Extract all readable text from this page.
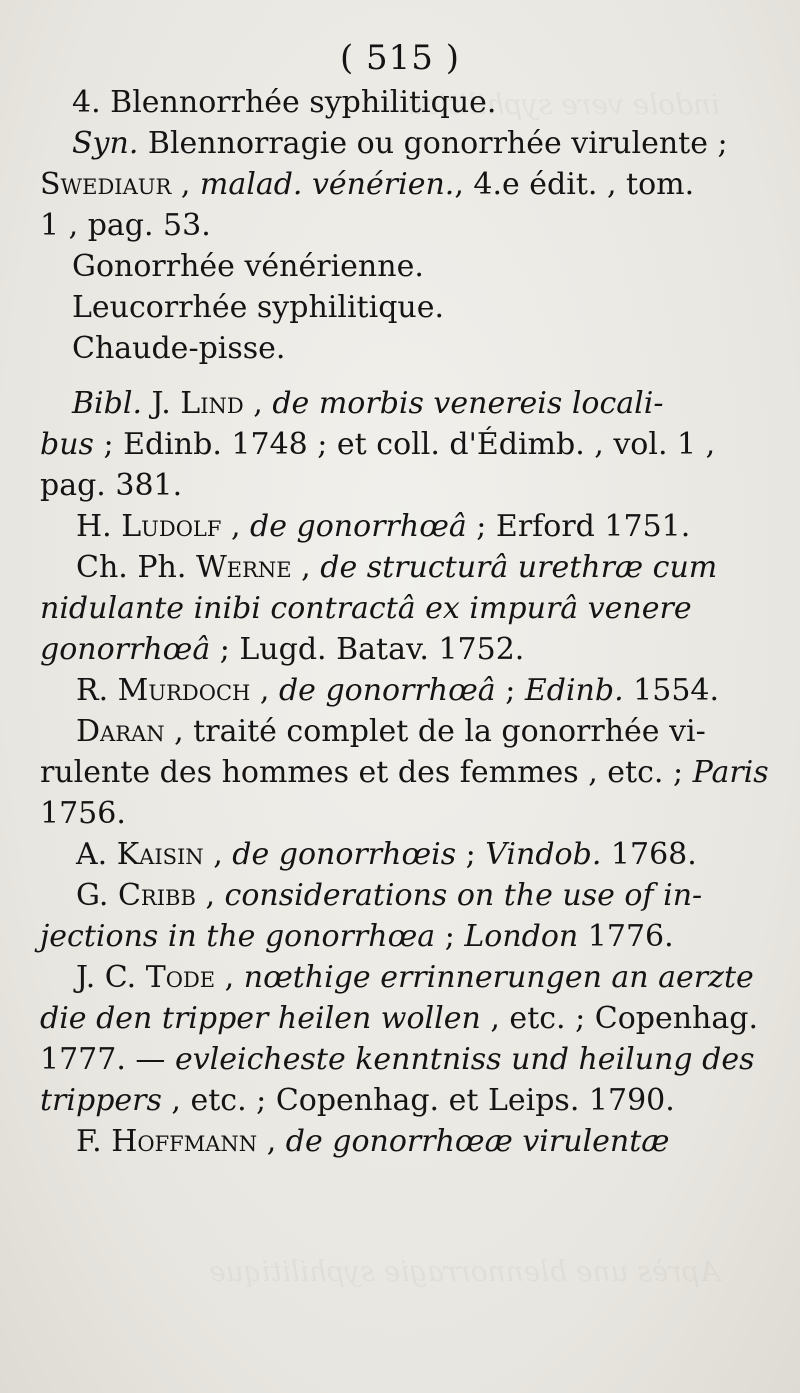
indole vere syphilitica
Après une blennorragie syphilitique
( 515 )
4. Blennorrhée syphilitique.
Syn. Blennorragie ou gonorrhée virulente ;
Swediaur , malad. vénérien., 4.e édit. , tom.
1 , pag. 53.
Gonorrhée vénérienne.
Leucorrhée syphilitique.
Chaude-pisse.
Bibl. J. Lind , de morbis venereis locali-
bus ; Edinb. 1748 ; et coll. d'Édimb. , vol. 1 ,
pag. 381.
H. Ludolf , de gonorrhœâ ; Erford 1751.
Ch. Ph. Werne , de structurâ urethræ cum
nidulante inibi contractâ ex impurâ venere
gonorrhœâ ; Lugd. Batav. 1752.
R. Murdoch , de gonorrhœâ ; Edinb. 1554.
Daran , traité complet de la gonorrhée vi-
rulente des hommes et des femmes , etc. ; Paris
1756.
A. Kaisin , de gonorrhœis ; Vindob. 1768.
G. Cribb , considerations on the use of in-
jections in the gonorrhœa ; London 1776.
J. C. Tode , nœthige errinnerungen an aerzte
die den tripper heilen wollen , etc. ; Copenhag.
1777. — evleicheste kenntniss und heilung des
trippers , etc. ; Copenhag. et Leips. 1790.
F. Hoffmann , de gonorrhœæ virulentæ
